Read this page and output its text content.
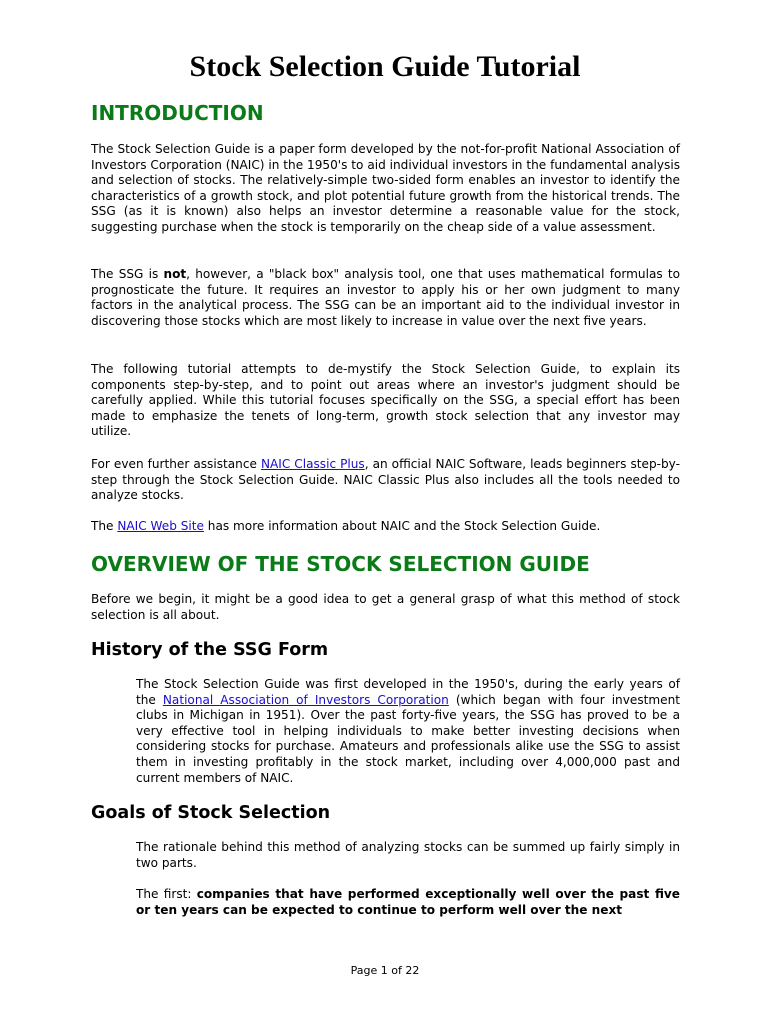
Stock Selection Guide Tutorial
INTRODUCTION

The Stock Selection Guide is a paper form developed by the not-for-profit National Association of Investors Corporation (NAIC) in the 1950's to aid individual investors in the fundamental analysis and selection of stocks. The relatively-simple two-sided form enables an investor to identify the characteristics of a growth stock, and plot potential future growth from the historical trends. The SSG (as it is known) also helps an investor determine a reasonable value for the stock, suggesting purchase when the stock is temporarily on the cheap side of a value assessment.

The SSG is not, however, a "black box" analysis tool, one that uses mathematical formulas to prognosticate the future. It requires an investor to apply his or her own judgment to many factors in the analytical process. The SSG can be an important aid to the individual investor in discovering those stocks which are most likely to increase in value over the next five years.

The following tutorial attempts to de-mystify the Stock Selection Guide, to explain its components step-by-step, and to point out areas where an investor's judgment should be carefully applied. While this tutorial focuses specifically on the SSG, a special effort has been made to emphasize the tenets of long-term, growth stock selection that any investor may utilize.

For even further assistance NAIC Classic Plus, an official NAIC Software, leads beginners step-by-step through the Stock Selection Guide. NAIC Classic Plus also includes all the tools needed to analyze stocks.

The NAIC Web Site has more information about NAIC and the Stock Selection Guide.

OVERVIEW OF THE STOCK SELECTION GUIDE

Before we begin, it might be a good idea to get a general grasp of what this method of stock selection is all about.

History of the SSG Form

The Stock Selection Guide was first developed in the 1950's, during the early years of the National Association of Investors Corporation (which began with four investment clubs in Michigan in 1951). Over the past forty-five years, the SSG has proved to be a very effective tool in helping individuals to make better investing decisions when considering stocks for purchase. Amateurs and professionals alike use the SSG to assist them in investing profitably in the stock market, including over 4,000,000 past and current members of NAIC.

Goals of Stock Selection

The rationale behind this method of analyzing stocks can be summed up fairly simply in two parts.

The first: companies that have performed exceptionally well over the past five or ten years can be expected to continue to perform well over the next

Page 1 of 22
